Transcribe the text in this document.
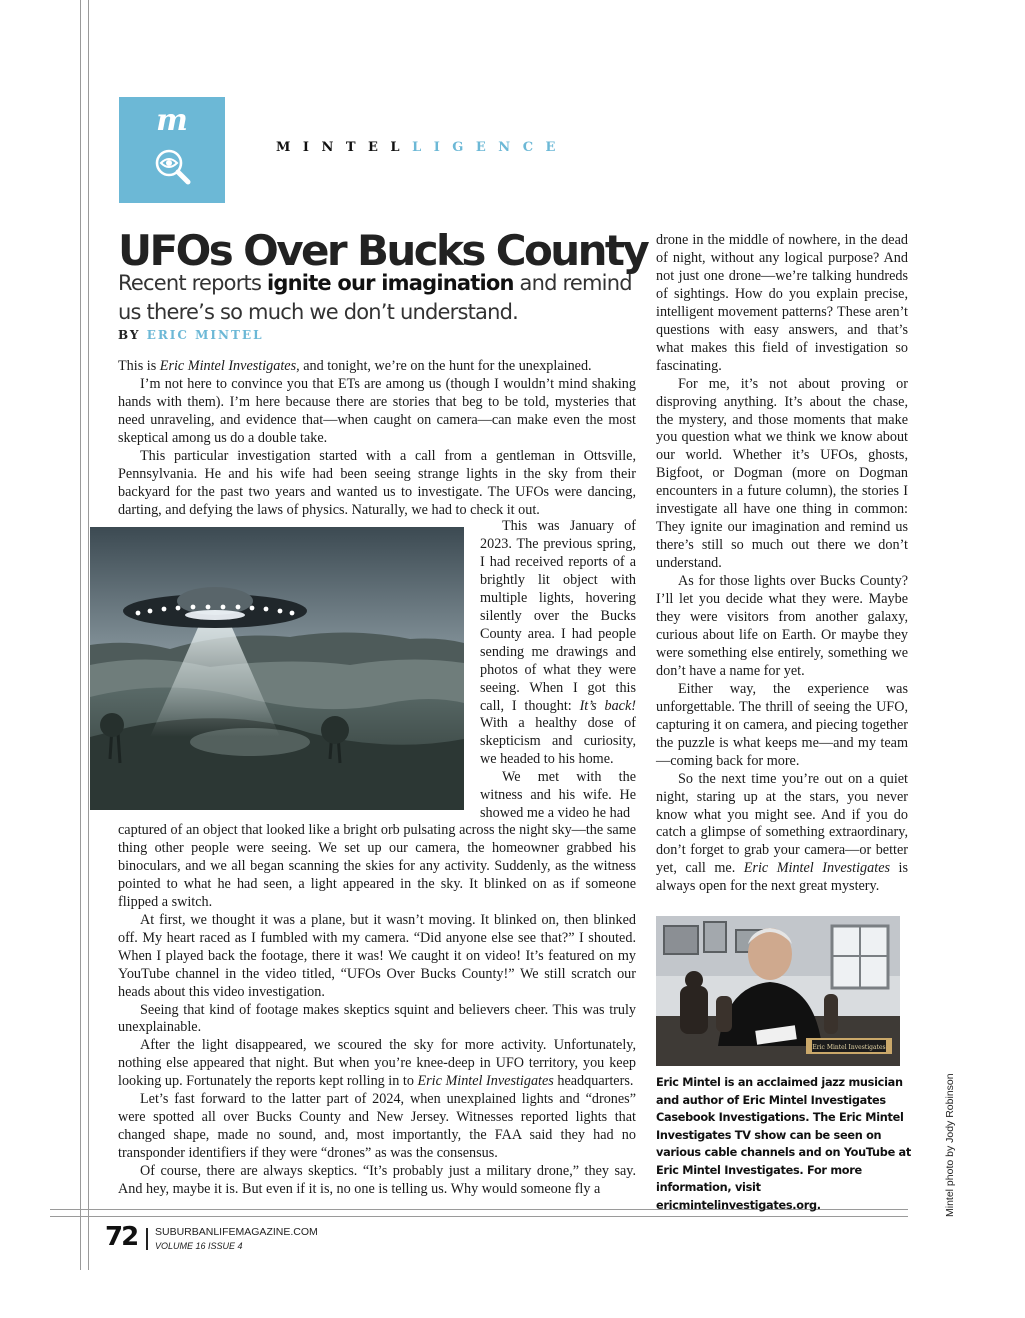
m
MINTELLIGENCE
UFOs Over Bucks County
Recent reports ignite our imagination and remind us there’s so much we don’t understand.
BY ERIC MINTEL

This is Eric Mintel Investigates, and tonight, we’re on the hunt for the unexplained.

I’m not here to convince you that ETs are among us (though I wouldn’t mind shaking hands with them). I’m here because there are stories that beg to be told, mysteries that need unraveling, and evidence that—when caught on camera—can make even the most skeptical among us do a double take.

This particular investigation started with a call from a gentleman in Ottsville, Pennsylvania. He and his wife had been seeing strange lights in the sky from their backyard for the past two years and wanted us to investigate. The UFOs were dancing, darting, and defying the laws of physics. Naturally, we had to check it out.

This was January of 2023. The previous spring, I had received reports of a brightly lit object with multiple lights, hovering silently over the Bucks County area. I had people sending me drawings and photos of what they were seeing. When I got this call, I thought: It’s back! With a healthy dose of skepticism and curiosity, we headed to his home.

We met with the witness and his wife. He showed me a video he had

captured of an object that looked like a bright orb pulsating across the night sky—the same thing other people were seeing. We set up our camera, the homeowner grabbed his binoculars, and we all began scanning the skies for any activity. Suddenly, as the witness pointed to what he had seen, a light appeared in the sky. It blinked on as if someone flipped a switch.

At first, we thought it was a plane, but it wasn’t moving. It blinked on, then blinked off. My heart raced as I fumbled with my camera. “Did anyone else see that?” I shouted. When I played back the footage, there it was! We caught it on video! It’s featured on my YouTube channel in the video titled, “UFOs Over Bucks County!” We still scratch our heads about this video investigation.

Seeing that kind of footage makes skeptics squint and believers cheer. This was truly unexplainable.

After the light disappeared, we scoured the sky for more activity. Unfortunately, nothing else appeared that night. But when you’re knee-deep in UFO territory, you keep looking up. Fortunately the reports kept rolling in to Eric Mintel Investigates headquarters.

Let’s fast forward to the latter part of 2024, when unexplained lights and “drones” were spotted all over Bucks County and New Jersey. Witnesses reported lights that changed shape, made no sound, and, most importantly, the FAA said they had no transponder identifiers if they were “drones” as was the consensus.

Of course, there are always skeptics. “It’s probably just a military drone,” they say. And hey, maybe it is. But even if it is, no one is telling us. Why would someone fly a

drone in the middle of nowhere, in the dead of night, without any logical purpose? And not just one drone—we’re talking hundreds of sightings. How do you explain precise, intelligent movement patterns? These aren’t questions with easy answers, and that’s what makes this field of investigation so fascinating.

For me, it’s not about proving or disproving anything. It’s about the chase, the mystery, and those moments that make you question what we think we know about our world. Whether it’s UFOs, ghosts, Bigfoot, or Dogman (more on Dogman encounters in a future column), the stories I investigate all have one thing in common: They ignite our imagination and remind us there’s still so much out there we don’t understand.

As for those lights over Bucks County? I’ll let you decide what they were. Maybe they were visitors from another galaxy, curious about life on Earth. Or maybe they were something else entirely, something we don’t have a name for yet.

Either way, the experience was unforgettable. The thrill of seeing the UFO, capturing it on camera, and piecing together the puzzle is what keeps me—and my team—coming back for more.

So the next time you’re out on a quiet night, staring up at the stars, you never know what you might see. And if you do catch a glimpse of something extraordinary, don’t forget to grab your camera—or better yet, call me. Eric Mintel Investigates is always open for the next great mystery.

Eric Mintel Investigates
Eric Mintel is an acclaimed jazz musician and author of Eric Mintel Investigates Casebook Investigations. The Eric Mintel Investigates TV show can be seen on various cable channels and on YouTube at Eric Mintel Investigates. For more information, visit ericmintelinvestigates.org.	Mintel photo by Jody Robinson
72 SUBURBANLIFEMAGAZINE.COM
VOLUME 16 ISSUE 4
